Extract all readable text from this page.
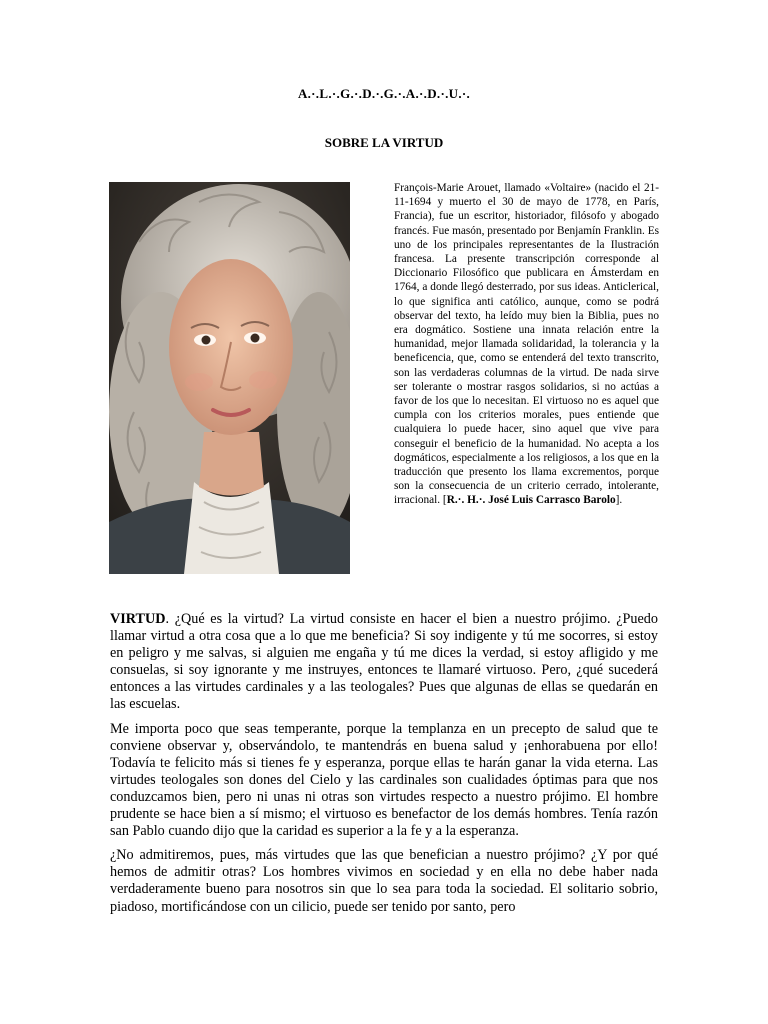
A.·.L.·.G.·.D.·.G.·.A.·.D.·.U.·.
SOBRE LA VIRTUD
François-Marie Arouet, llamado «Voltaire» (nacido el 21-11-1694 y muerto el 30 de mayo de 1778, en París, Francia), fue un escritor, historiador, filósofo y abogado francés. Fue masón, presentado por Benjamín Franklin. Es uno de los principales representantes de la Ilustración francesa. La presente transcripción corresponde al Diccionario Filosófico que publicara en Ámsterdam en 1764, a donde llegó desterrado, por sus ideas. Anticlerical, lo que significa anti católico, aunque, como se podrá observar del texto, ha leído muy bien la Biblia, pues no era dogmático. Sostiene una innata relación entre la humanidad, mejor llamada solidaridad, la tolerancia y la beneficencia, que, como se entenderá del texto transcrito, son las verdaderas columnas de la virtud. De nada sirve ser tolerante o mostrar rasgos solidarios, si no actúas a favor de los que lo necesitan. El virtuoso no es aquel que cumpla con los criterios morales, pues entiende que cualquiera lo puede hacer, sino aquel que vive para conseguir el beneficio de la humanidad. No acepta a los dogmáticos, especialmente a los religiosos, a los que en la traducción que presento los llama excrementos, porque son la consecuencia de un criterio cerrado, intolerante, irracional. [R.·. H.·. José Luis Carrasco Barolo].

VIRTUD. ¿Qué es la virtud? La virtud consiste en hacer el bien a nuestro prójimo. ¿Puedo llamar virtud a otra cosa que a lo que me beneficia? Si soy indigente y tú me socorres, si estoy en peligro y me salvas, si alguien me engaña y tú me dices la verdad, si estoy afligido y me consuelas, si soy ignorante y me instruyes, entonces te llamaré virtuoso. Pero, ¿qué sucederá entonces a las virtudes cardinales y a las teologales? Pues que algunas de ellas se quedarán en las escuelas.

Me importa poco que seas temperante, porque la templanza en un precepto de salud que te conviene observar y, observándolo, te mantendrás en buena salud y ¡enhorabuena por ello! Todavía te felicito más si tienes fe y esperanza, porque ellas te harán ganar la vida eterna. Las virtudes teologales son dones del Cielo y las cardinales son cualidades óptimas para que nos conduzcamos bien, pero ni unas ni otras son virtudes respecto a nuestro prójimo. El hombre prudente se hace bien a sí mismo; el virtuoso es benefactor de los demás hombres. Tenía razón san Pablo cuando dijo que la caridad es superior a la fe y a la esperanza.

¿No admitiremos, pues, más virtudes que las que benefician a nuestro prójimo? ¿Y por qué hemos de admitir otras? Los hombres vivimos en sociedad y en ella no debe haber nada verdaderamente bueno para nosotros sin que lo sea para toda la sociedad. El solitario sobrio, piadoso, mortificándose con un cilicio, puede ser tenido por santo, pero
